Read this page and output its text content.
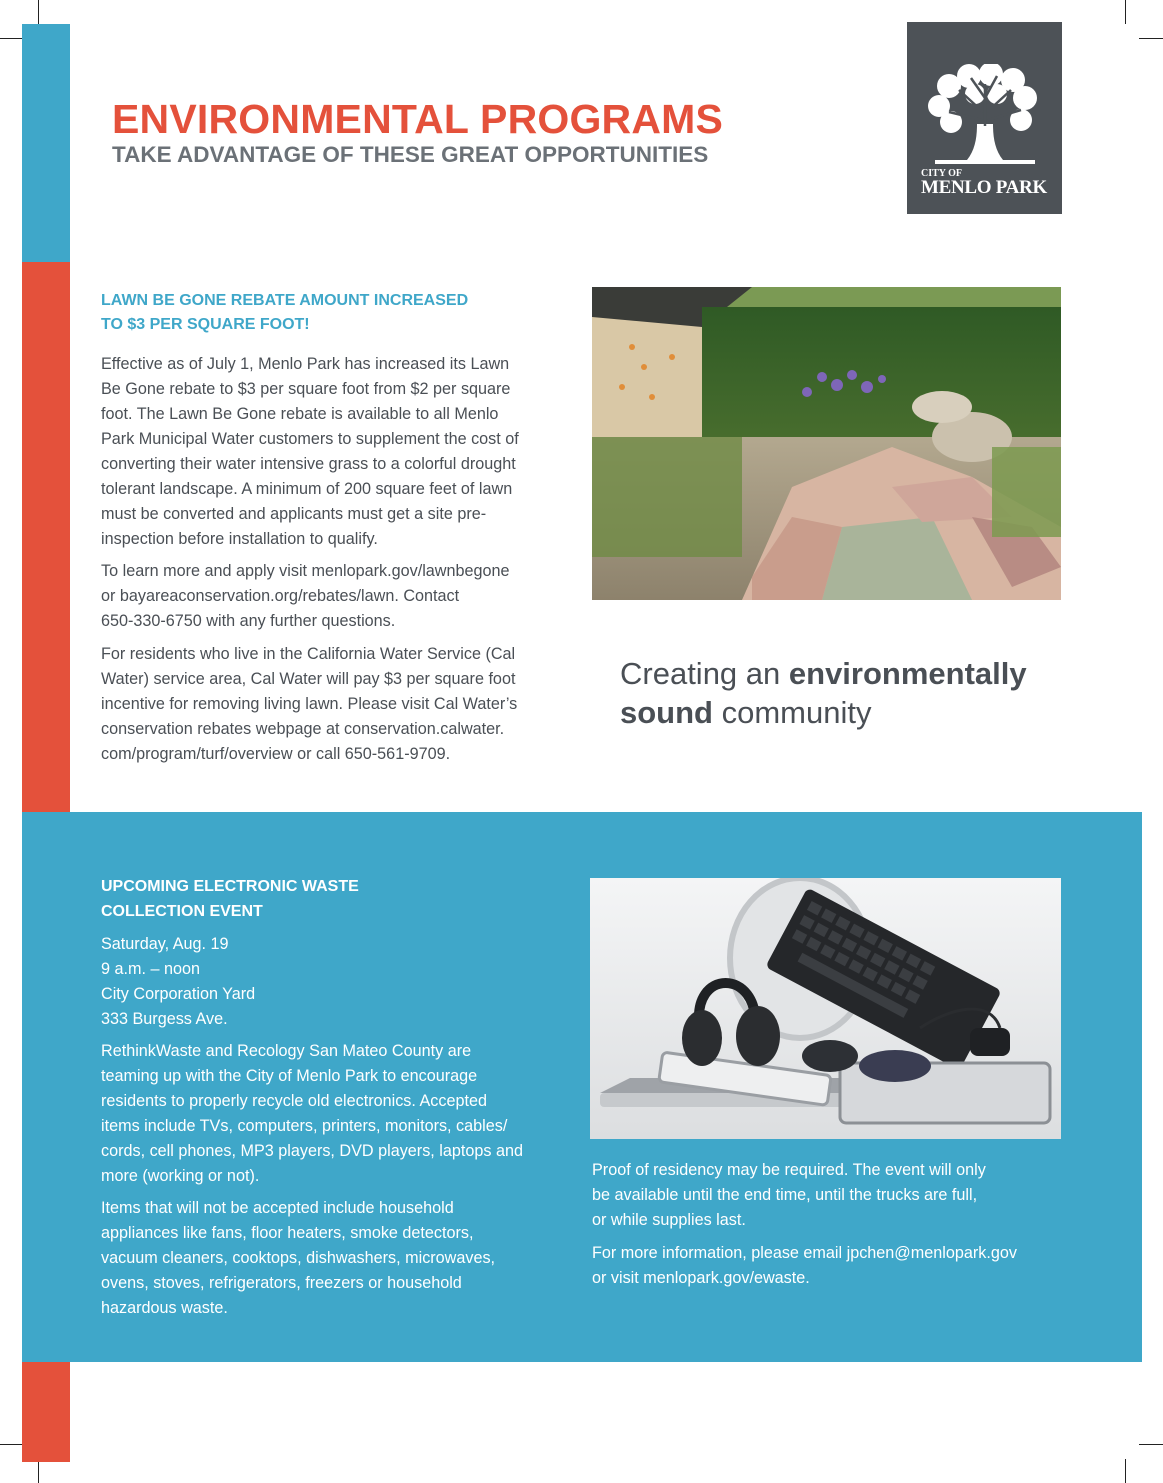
ENVIRONMENTAL PROGRAMS
TAKE ADVANTAGE OF THESE GREAT OPPORTUNITIES
CITY OF
MENLO PARK
LAWN BE GONE REBATE AMOUNT INCREASED
TO $3 PER SQUARE FOOT!

Effective as of July 1, Menlo Park has increased its Lawn
Be Gone rebate to $3 per square foot from $2 per square
foot. The Lawn Be Gone rebate is available to all Menlo
Park Municipal Water customers to supplement the cost of
converting their water intensive grass to a colorful drought
tolerant landscape. A minimum of 200 square feet of lawn
must be converted and applicants must get a site pre-
inspection before installation to qualify.

To learn more and apply visit menlopark.gov/lawnbegone
or bayareaconservation.org/rebates/lawn. Contact
650-330-6750 with any further questions.

For residents who live in the California Water Service (Cal
Water) service area, Cal Water will pay $3 per square foot
incentive for removing living lawn. Please visit Cal Water’s
conservation rebates webpage at conservation.calwater.
com/program/turf/overview or call 650-561-9709.

Creating an environmentally
sound community

UPCOMING ELECTRONIC WASTE
COLLECTION EVENT

Saturday, Aug. 19
9 a.m. – noon
City Corporation Yard
333 Burgess Ave.

RethinkWaste and Recology San Mateo County are
teaming up with the City of Menlo Park to encourage
residents to properly recycle old electronics. Accepted
items include TVs, computers, printers, monitors, cables/
cords, cell phones, MP3 players, DVD players, laptops and
more (working or not).

Items that will not be accepted include household
appliances like fans, floor heaters, smoke detectors,
vacuum cleaners, cooktops, dishwashers, microwaves,
ovens, stoves, refrigerators, freezers or household
hazardous waste.

Proof of residency may be required. The event will only
be available until the end time, until the trucks are full,
or while supplies last.

For more information, please email jpchen@menlopark.gov
or visit menlopark.gov/ewaste.
